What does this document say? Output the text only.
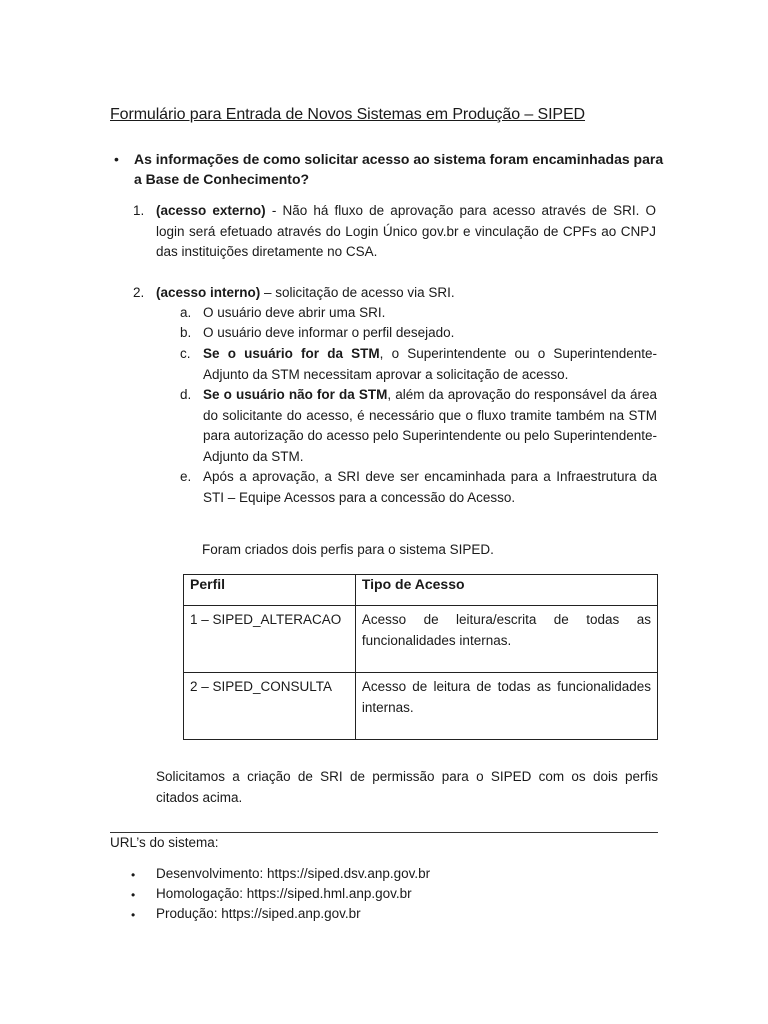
Formulário para Entrada de Novos Sistemas em Produção – SIPED
• As informações de como solicitar acesso ao sistema foram encaminhadas para a Base de Conhecimento?
1. (acesso externo) - Não há fluxo de aprovação para acesso através de SRI. O login será efetuado através do Login Único gov.br e vinculação de CPFs ao CNPJ das instituições diretamente no CSA.
2. (acesso interno) – solicitação de acesso via SRI.
a. O usuário deve abrir uma SRI.
b. O usuário deve informar o perfil desejado.
c. Se o usuário for da STM, o Superintendente ou o Superintendente-Adjunto da STM necessitam aprovar a solicitação de acesso.
d. Se o usuário não for da STM, além da aprovação do responsável da área do solicitante do acesso, é necessário que o fluxo tramite também na STM para autorização do acesso pelo Superintendente ou pelo Superintendente-Adjunto da STM.
e. Após a aprovação, a SRI deve ser encaminhada para a Infraestrutura da STI – Equipe Acessos para a concessão do Acesso.
Foram criados dois perfis para o sistema SIPED.
Perfil	Tipo de Acesso
1 – SIPED_ALTERACAO	Acesso de leitura/escrita de todas as funcionalidades internas.
2 – SIPED_CONSULTA	Acesso de leitura de todas as funcionalidades internas.
Solicitamos a criação de SRI de permissão para o SIPED com os dois perfis citados acima.
URL’s do sistema:
• Desenvolvimento: https://siped.dsv.anp.gov.br
• Homologação: https://siped.hml.anp.gov.br
• Produção: https://siped.anp.gov.br
